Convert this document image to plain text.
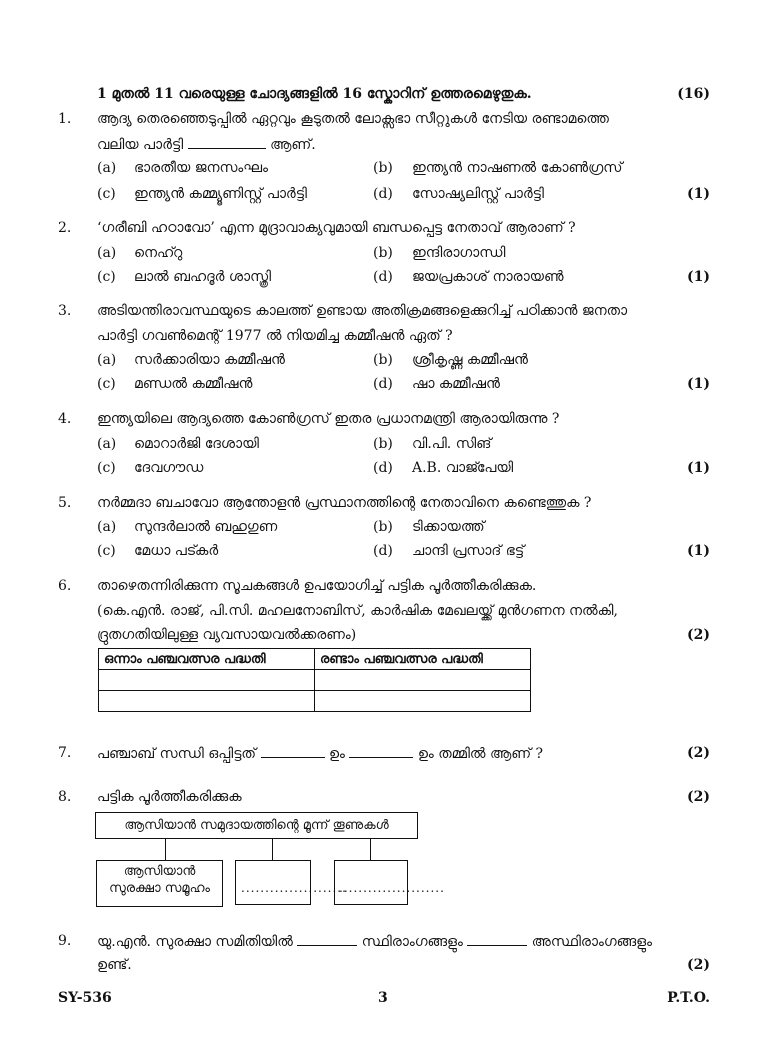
1 മുതൽ 11 വരെയുള്ള ചോദ്യങ്ങളിൽ 16 സ്കോറിന് ഉത്തരമെഴുതുക.	(16)
1. ആദ്യ തെരഞ്ഞെടുപ്പിൽ ഏറ്റവും കൂടുതൽ ലോക്സഭാ സീറ്റുകൾ നേടിയ രണ്ടാമത്തെ
വലിയ പാർട്ടി	ആണ്.
(a) ഭാരതീയ ജനസംഘം	(b) ഇന്ത്യൻ നാഷണൽ കോൺഗ്രസ്
(c) ഇന്ത്യൻ കമ്മ്യൂണിസ്റ്റ് പാർട്ടി	(d) സോഷ്യലിസ്റ്റ് പാർട്ടി	(1)
2. ‘ഗരീബി ഹഠാവോ’ എന്ന മുദ്രാവാക്യവുമായി ബന്ധപ്പെട്ട നേതാവ് ആരാണ് ?
(a) നെഹ്റു	(b) ഇന്ദിരാഗാന്ധി
(c) ലാൽ ബഹദൂർ ശാസ്ത്രി	(d) ജയപ്രകാശ് നാരായൺ	(1)
3. അടിയന്തിരാവസ്ഥയുടെ കാലത്ത് ഉണ്ടായ അതിക്രമങ്ങളെക്കുറിച്ച് പഠിക്കാൻ ജനതാ
പാർട്ടി ഗവൺമെന്റ് 1977 ൽ നിയമിച്ച കമ്മീഷൻ ഏത് ?
(a) സർക്കാരിയാ കമ്മീഷൻ	(b) ശ്രീകൃഷ്ണ കമ്മീഷൻ
(c) മണ്ഡൽ കമ്മീഷൻ	(d) ഷാ കമ്മീഷൻ	(1)
4. ഇന്ത്യയിലെ ആദ്യത്തെ കോൺഗ്രസ് ഇതര പ്രധാനമന്ത്രി ആരായിരുന്നു ?
(a) മൊറാർജി ദേശായി	(b) വി.പി. സിങ്
(c) ദേവഗൗഡ	(d) A.B. വാജ്പേയി	(1)
5. നർമ്മദാ ബചാവോ ആന്തോളൻ പ്രസ്ഥാനത്തിന്റെ നേതാവിനെ കണ്ടെത്തുക ?
(a) സുന്ദർലാൽ ബഹുഗുണ	(b) ടിക്കായത്ത്
(c) മേധാ പട്കർ	(d) ചാന്ദി പ്രസാദ് ഭട്ട്	(1)
6. താഴെതന്നിരിക്കുന്ന സൂചകങ്ങൾ ഉപയോഗിച്ച് പട്ടിക പൂർത്തീകരിക്കുക.
(കെ.എൻ. രാജ്, പി.സി. മഹലനോബിസ്, കാർഷിക മേഖലയ്ക്ക് മുൻഗണന നൽകി,
ദ്രുതഗതിയിലുള്ള വ്യവസായവൽക്കരണം)	(2)
ഒന്നാം പഞ്ചവത്സര പദ്ധതി	രണ്ടാം പഞ്ചവത്സര പദ്ധതി

7. പഞ്ചാബ് സന്ധി ഒപ്പിട്ടത്	ഉം	ഉം തമ്മിൽ ആണ് ?	(2)
8. പട്ടിക പൂർത്തീകരിക്കുക	(2)
ആസിയാൻ സമുദായത്തിന്റെ മൂന്ന് തൂണുകൾ
ആസിയാൻ
സുരക്ഷാ സമൂഹം	......................
......................
9. യു.എൻ. സുരക്ഷാ സമിതിയിൽ	സ്ഥിരാംഗങ്ങളും	അസ്ഥിരാംഗങ്ങളും
ഉണ്ട്.	(2)
SY-536	3	P.T.O.
